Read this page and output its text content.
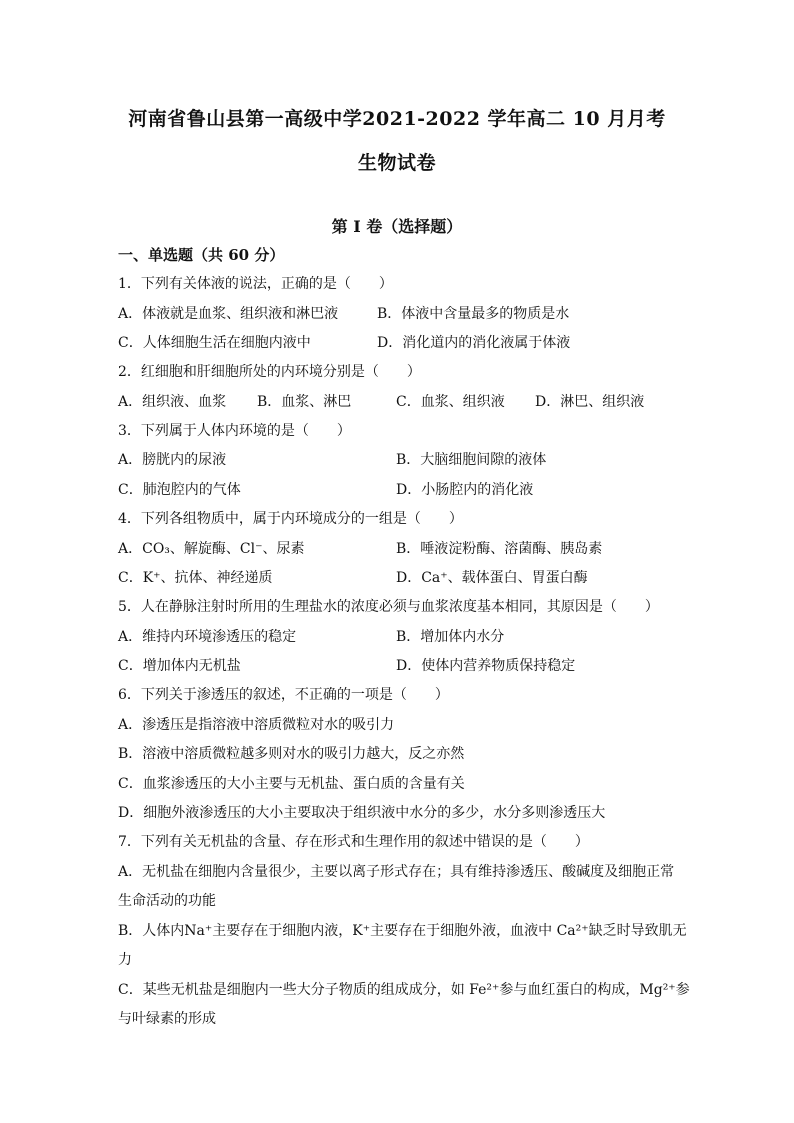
河南省鲁山县第一高级中学2021-2022 学年高二 10 月月考
生物试卷
第 I 卷（选择题）
一、单选题（共 60 分）
1．下列有关体液的说法，正确的是（　　）
A．体液就是血浆、组织液和淋巴液	B．体液中含量最多的物质是水
C．人体细胞生活在细胞内液中	D．消化道内的消化液属于体液
2．红细胞和肝细胞所处的内环境分别是（　　）
A．组织液、血浆 B．血浆、淋巴	C．血浆、组织液 D．淋巴、组织液
3．下列属于人体内环境的是（　　）
A．膀胱内的尿液	B．大脑细胞间隙的液体
C．肺泡腔内的气体	D．小肠腔内的消化液
4．下列各组物质中，属于内环境成分的一组是（　　）
A．CO₃、解旋酶、Cl⁻、尿素	B．唾液淀粉酶、溶菌酶、胰岛素
C．K⁺、抗体、神经递质	D．Ca⁺、载体蛋白、胃蛋白酶
5．人在静脉注射时所用的生理盐水的浓度必须与血浆浓度基本相同，其原因是（　　）
A．维持内环境渗透压的稳定	B．增加体内水分
C．增加体内无机盐	D．使体内营养物质保持稳定
6．下列关于渗透压的叙述，不正确的一项是（　　）
A．渗透压是指溶液中溶质微粒对水的吸引力
B．溶液中溶质微粒越多则对水的吸引力越大，反之亦然
C．血浆渗透压的大小主要与无机盐、蛋白质的含量有关
D．细胞外液渗透压的大小主要取决于组织液中水分的多少，水分多则渗透压大
7．下列有关无机盐的含量、存在形式和生理作用的叙述中错误的是（　　）
A．无机盐在细胞内含量很少，主要以离子形式存在；具有维持渗透压、酸碱度及细胞正常
生命活动的功能
B．人体内Na⁺主要存在于细胞内液，K⁺主要存在于细胞外液，血液中 Ca²⁺缺乏时导致肌无
力
C．某些无机盐是细胞内一些大分子物质的组成成分，如 Fe²⁺参与血红蛋白的构成，Mg²⁺参
与叶绿素的形成
